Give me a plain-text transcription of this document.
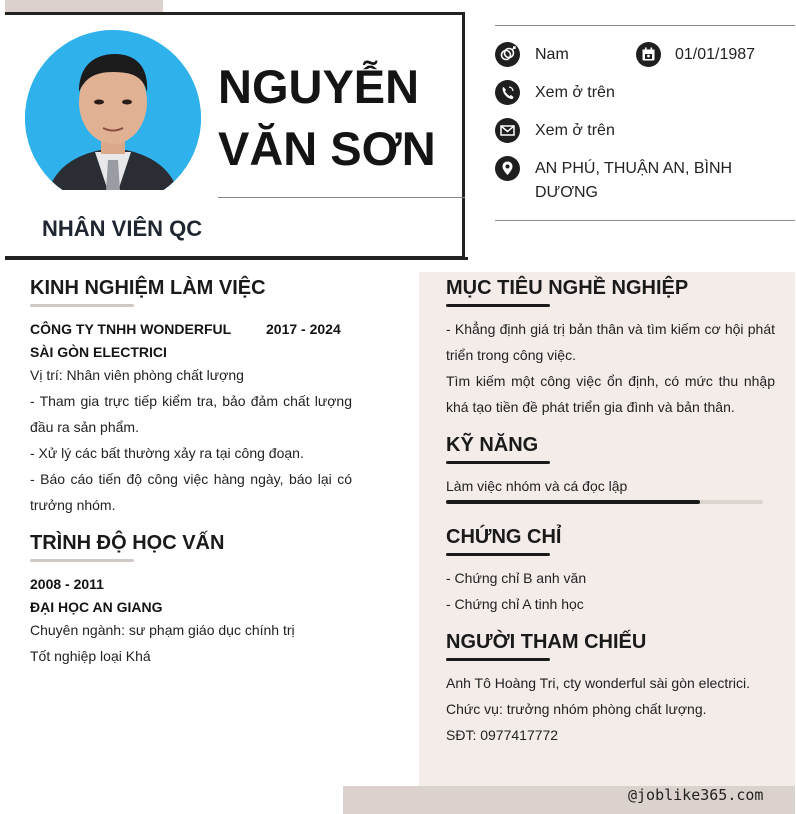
NGUYỄN
VĂN SƠN
NHÂN VIÊN QC
Nam	01/01/1987
Xem ở trên
Xem ở trên
AN PHÚ, THUẬN AN, BÌNH DƯƠNG
KINH NGHIỆM LÀM VIỆC
CÔNG TY TNHH WONDERFUL SÀI GÒN ELECTRICI
2017 - 2024
Vị trí: Nhân viên phòng chất lượng
- Tham gia trực tiếp kiểm tra, bảo đảm chất lượng đầu ra sản phẩm.
- Xử lý các bất thường xảy ra tại công đoạn.
- Báo cáo tiến độ công việc hàng ngày, báo lại có trưởng nhóm.
TRÌNH ĐỘ HỌC VẤN
2008 - 2011
ĐẠI HỌC AN GIANG
Chuyên ngành: sư phạm giáo dục chính trị
Tốt nghiệp loại Khá
MỤC TIÊU NGHỀ NGHIỆP
- Khẳng định giá trị bản thân và tìm kiếm cơ hội phát triển trong công việc.
Tìm kiếm một công việc ổn định, có mức thu nhập khá tạo tiền đề phát triển gia đình và bản thân.
KỸ NĂNG
Làm việc nhóm và cá đọc lập
CHỨNG CHỈ
- Chứng chỉ B anh văn
- Chứng chỉ A tinh học
NGƯỜI THAM CHIẾU
Anh Tô Hoàng Tri, cty wonderful sài gòn electrici.
Chức vụ: trưởng nhóm phòng chất lượng.
SĐT: 0977417772
@joblike365.com
